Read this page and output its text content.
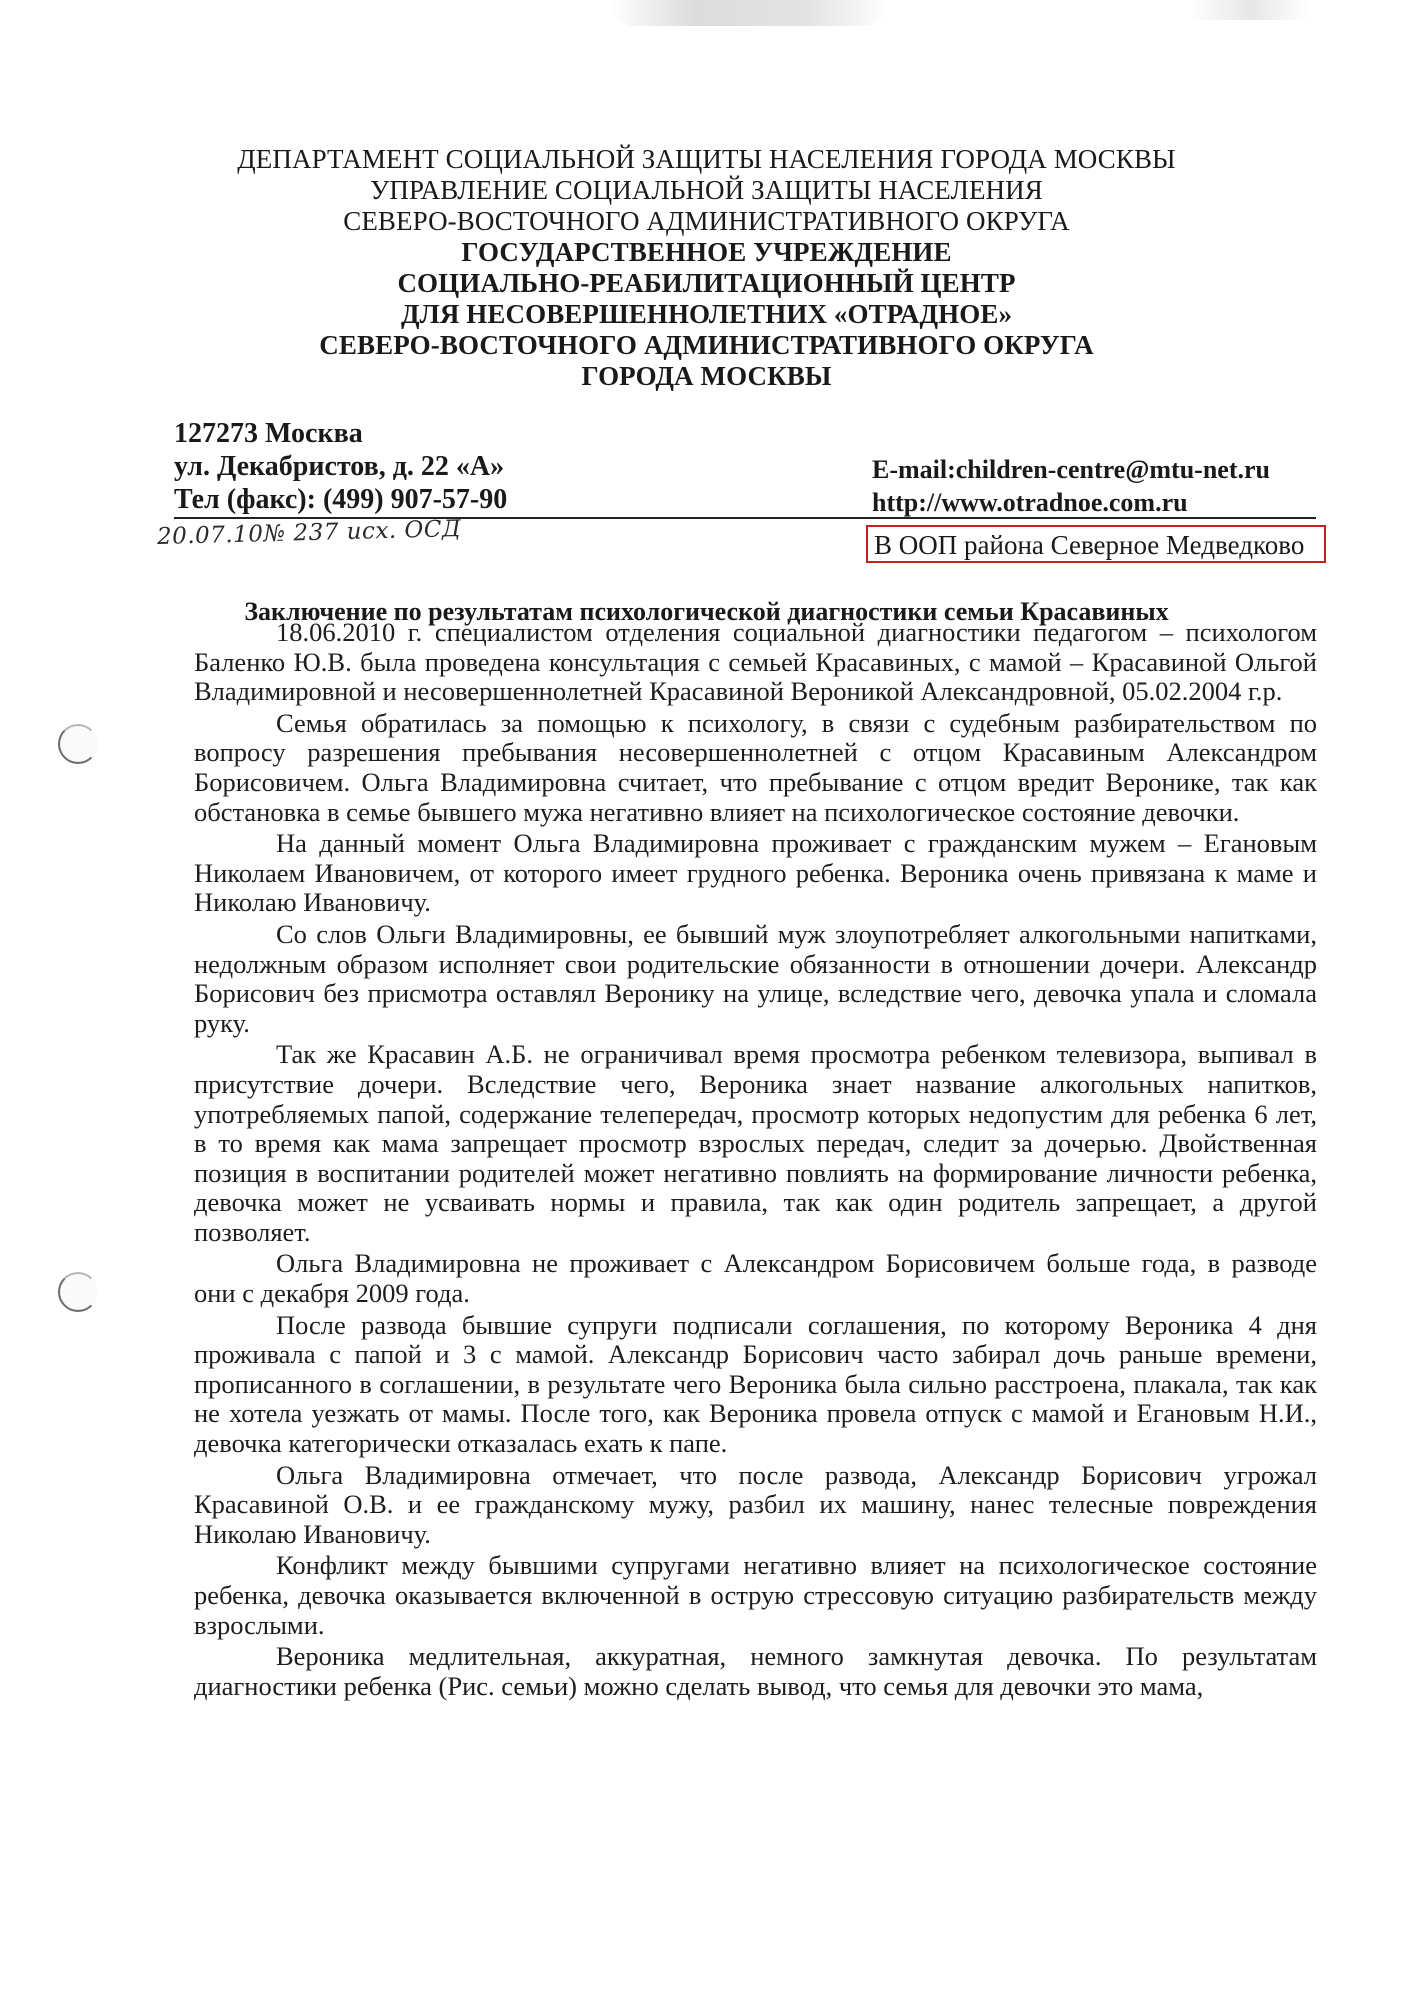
ДЕПАРТАМЕНТ СОЦИАЛЬНОЙ ЗАЩИТЫ НАСЕЛЕНИЯ ГОРОДА МОСКВЫ
УПРАВЛЕНИЕ СОЦИАЛЬНОЙ ЗАЩИТЫ НАСЕЛЕНИЯ
СЕВЕРО-ВОСТОЧНОГО АДМИНИСТРАТИВНОГО ОКРУГА
ГОСУДАРСТВЕННОЕ УЧРЕЖДЕНИЕ
СОЦИАЛЬНО-РЕАБИЛИТАЦИОННЫЙ ЦЕНТР
ДЛЯ НЕСОВЕРШЕННОЛЕТНИХ «ОТРАДНОЕ»
СЕВЕРО-ВОСТОЧНОГО АДМИНИСТРАТИВНОГО ОКРУГА
ГОРОДА МОСКВЫ
127273 Москва
ул. Декабристов, д. 22 «А»
Тел (факс): (499) 907-57-90
E-mail:children-centre@mtu-net.ru
http://www.otradnoe.com.ru
20.07.10№ 237 исх. ОСД	В ООП района Северное Медведково
Заключение по результатам психологической диагностики семьи Красавиных

18.06.2010 г. специалистом отделения социальной диагностики педагогом – психологом Баленко Ю.В. была проведена консультация с семьей Красавиных, с мамой – Красавиной Ольгой Владимировной и несовершеннолетней Красавиной Вероникой Александровной, 05.02.2004 г.р.

Семья обратилась за помощью к психологу, в связи с судебным разбирательством по вопросу разрешения пребывания несовершеннолетней с отцом Красавиным Александром Борисовичем. Ольга Владимировна считает, что пребывание с отцом вредит Веронике, так как обстановка в семье бывшего мужа негативно влияет на психологическое состояние девочки.

На данный момент Ольга Владимировна проживает с гражданским мужем – Егановым Николаем Ивановичем, от которого имеет грудного ребенка. Вероника очень привязана к маме и Николаю Ивановичу.

Со слов Ольги Владимировны, ее бывший муж злоупотребляет алкогольными напитками, недолжным образом исполняет свои родительские обязанности в отношении дочери. Александр Борисович без присмотра оставлял Веронику на улице, вследствие чего, девочка упала и сломала руку.

Так же Красавин А.Б. не ограничивал время просмотра ребенком телевизора, выпивал в присутствие дочери. Вследствие чего, Вероника знает название алкогольных напитков, употребляемых папой, содержание телепередач, просмотр которых недопустим для ребенка 6 лет, в то время как мама запрещает просмотр взрослых передач, следит за дочерью. Двойственная позиция в воспитании родителей может негативно повлиять на формирование личности ребенка, девочка может не усваивать нормы и правила, так как один родитель запрещает, а другой позволяет.

Ольга Владимировна не проживает с Александром Борисовичем больше года, в разводе они с декабря 2009 года.

После развода бывшие супруги подписали соглашения, по которому Вероника 4 дня проживала с папой и 3 с мамой. Александр Борисович часто забирал дочь раньше времени, прописанного в соглашении, в результате чего Вероника была сильно расстроена, плакала, так как не хотела уезжать от мамы. После того, как Вероника провела отпуск с мамой и Егановым Н.И., девочка категорически отказалась ехать к папе.

Ольга Владимировна отмечает, что после развода, Александр Борисович угрожал Красавиной О.В. и ее гражданскому мужу, разбил их машину, нанес телесные повреждения Николаю Ивановичу.

Конфликт между бывшими супругами негативно влияет на психологическое состояние ребенка, девочка оказывается включенной в острую стрессовую ситуацию разбирательств между взрослыми.

Вероника медлительная, аккуратная, немного замкнутая девочка. По результатам диагностики ребенка (Рис. семьи) можно сделать вывод, что семья для девочки это мама,
